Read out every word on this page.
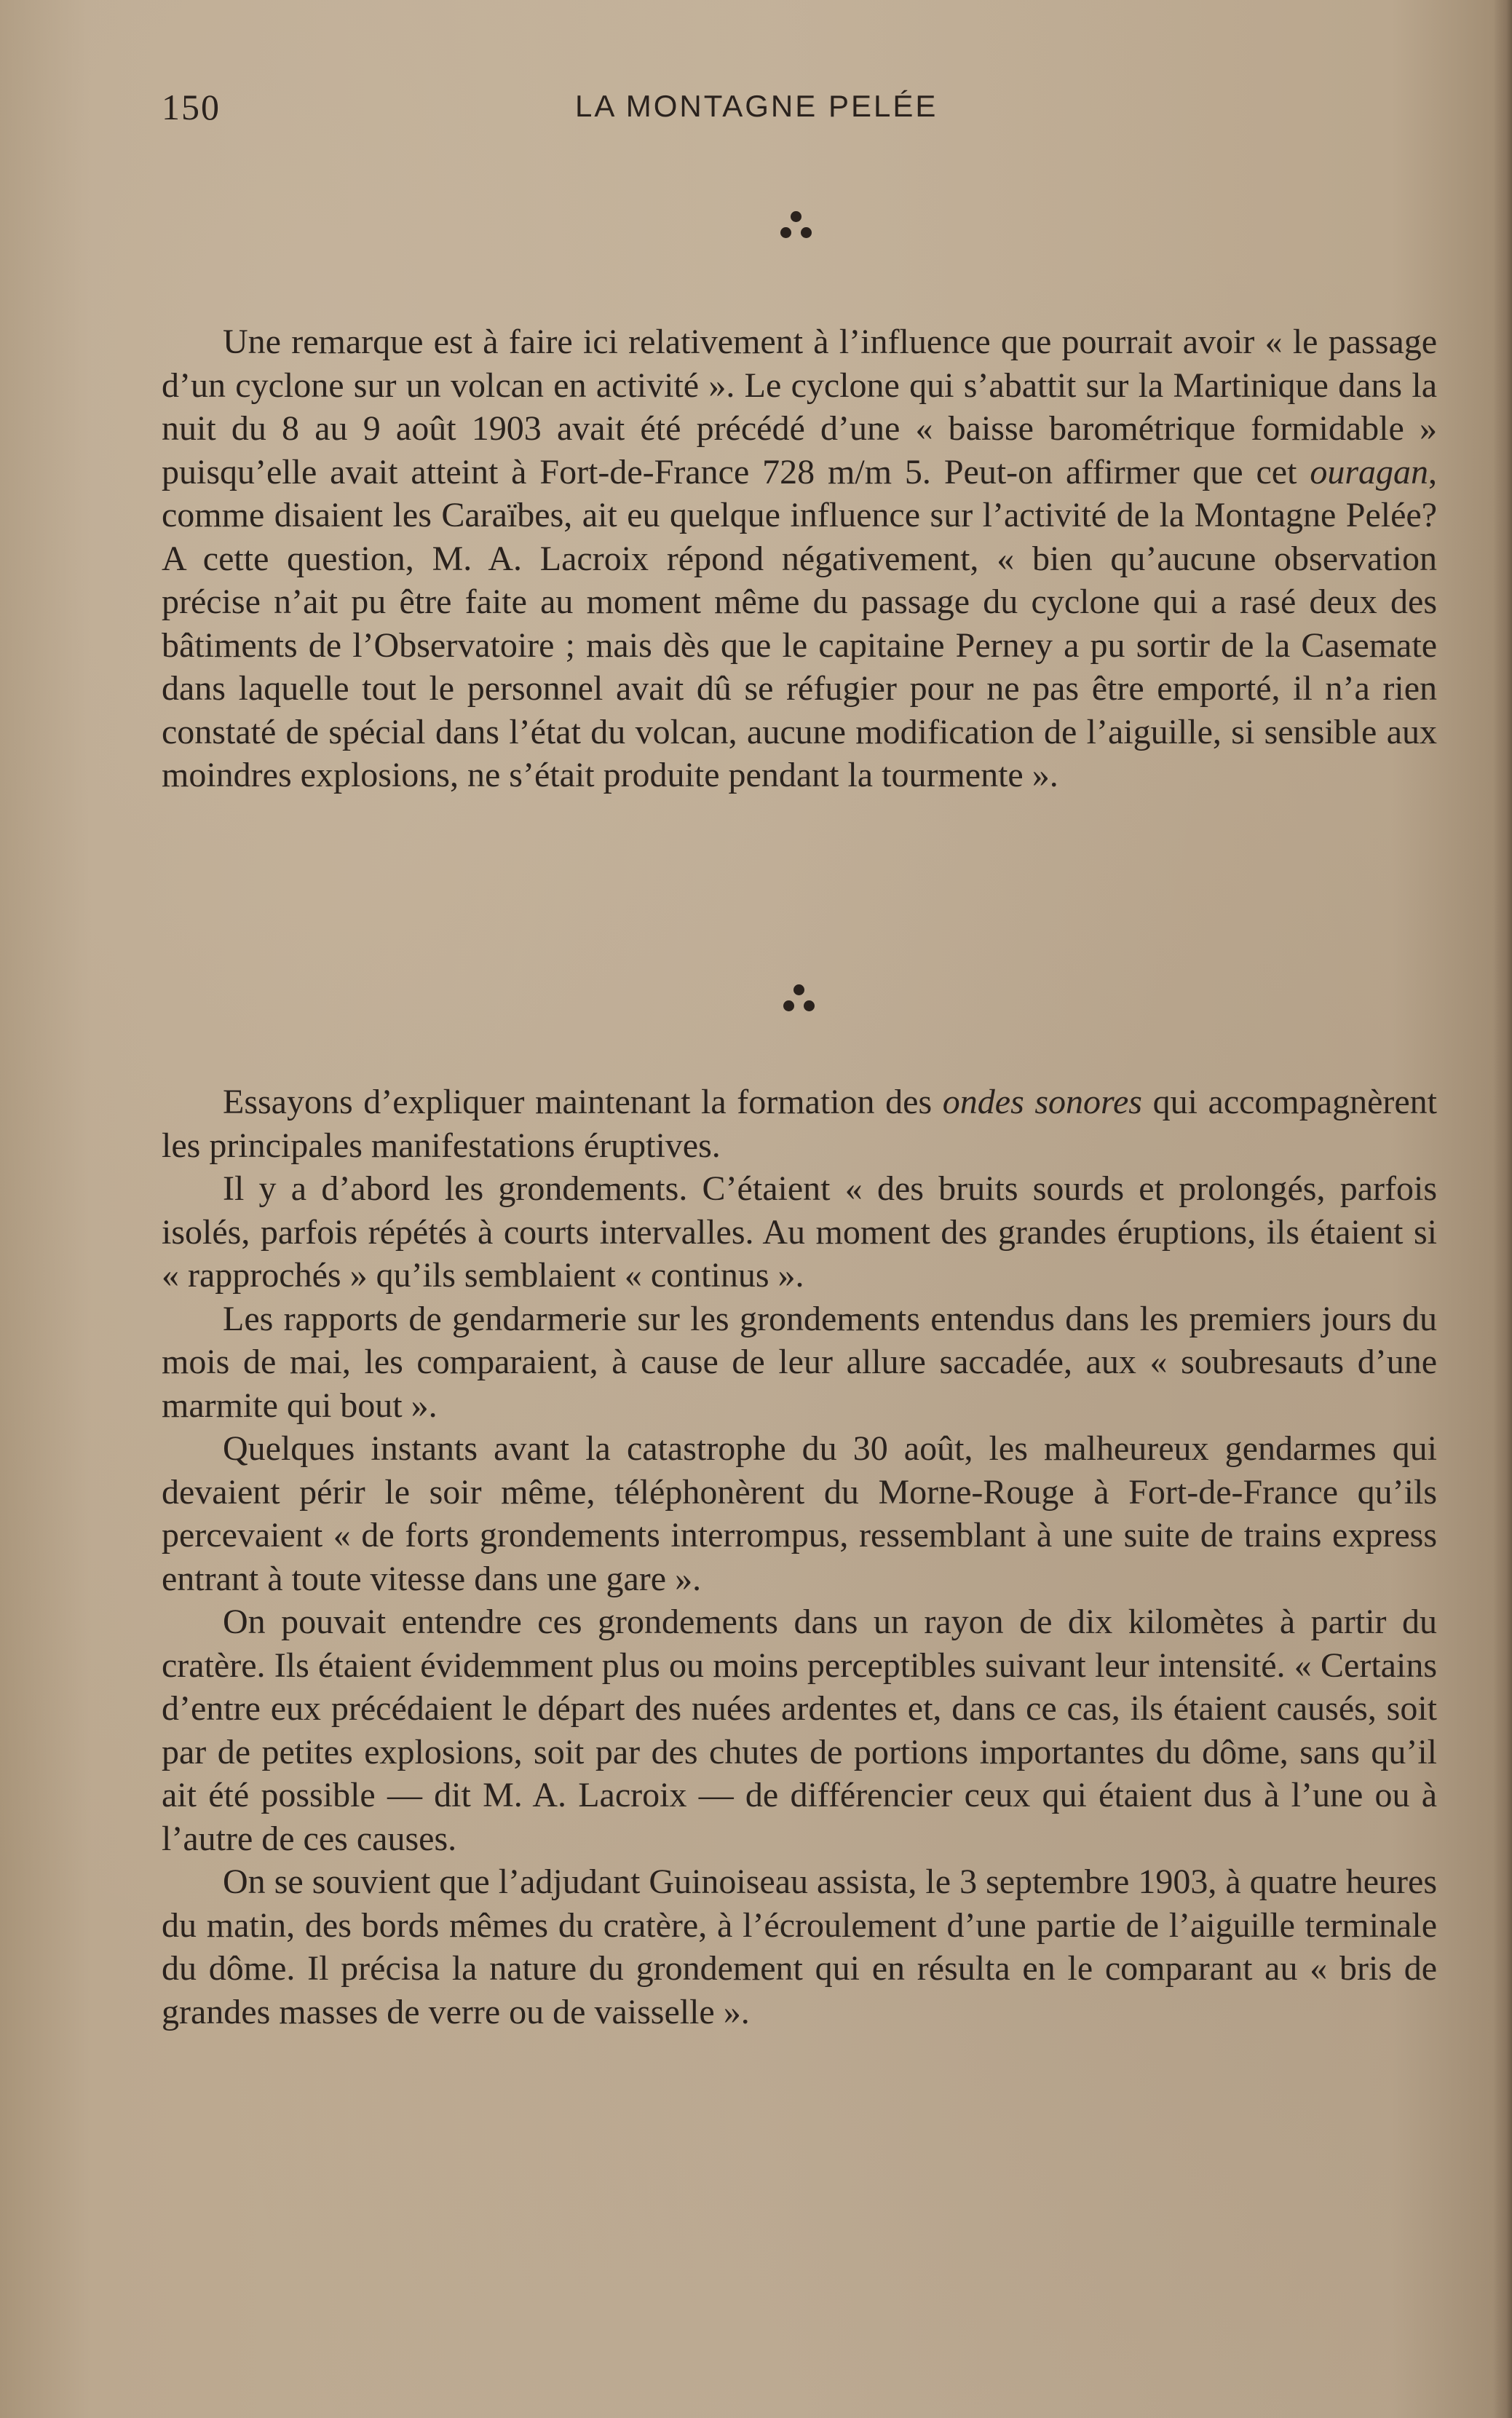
150	LA MONTAGNE PELÉE

Une remarque est à faire ici relativement à l’influence que pourrait avoir « le passage d’un cyclone sur un volcan en activité ». Le cyclone qui s’abattit sur la Martinique dans la nuit du 8 au 9 août 1903 avait été précédé d’une « baisse barométrique formidable » puisqu’elle avait atteint à Fort-de-France 728 m/m 5. Peut-on affirmer que cet ouragan, comme disaient les Caraïbes, ait eu quelque influence sur l’activité de la Montagne Pelée? A cette question, M. A. Lacroix répond négativement, « bien qu’aucune observation précise n’ait pu être faite au moment même du passage du cyclone qui a rasé deux des bâtiments de l’Observatoire ; mais dès que le capitaine Perney a pu sortir de la Casemate dans laquelle tout le personnel avait dû se réfugier pour ne pas être emporté, il n’a rien constaté de spécial dans l’état du volcan, aucune modification de l’aiguille, si sensible aux moindres explosions, ne s’était produite pendant la tourmente ».

Essayons d’expliquer maintenant la formation des ondes sonores qui accompagnèrent les principales manifestations éruptives.

Il y a d’abord les grondements. C’étaient « des bruits sourds et prolongés, parfois isolés, parfois répétés à courts intervalles. Au moment des grandes éruptions, ils étaient si « rapprochés » qu’ils semblaient « continus ».

Les rapports de gendarmerie sur les grondements entendus dans les premiers jours du mois de mai, les comparaient, à cause de leur allure saccadée, aux « soubresauts d’une marmite qui bout ».

Quelques instants avant la catastrophe du 30 août, les malheureux gendarmes qui devaient périr le soir même, téléphonèrent du Morne-Rouge à Fort-de-France qu’ils percevaient « de forts grondements interrompus, ressemblant à une suite de trains express entrant à toute vitesse dans une gare ».

On pouvait entendre ces grondements dans un rayon de dix kilomètes à partir du cratère. Ils étaient évidemment plus ou moins perceptibles suivant leur intensité. « Certains d’entre eux précédaient le départ des nuées ardentes et, dans ce cas, ils étaient causés, soit par de petites explosions, soit par des chutes de portions importantes du dôme, sans qu’il ait été possible — dit M. A. Lacroix — de différencier ceux qui étaient dus à l’une ou à l’autre de ces causes.

On se souvient que l’adjudant Guinoiseau assista, le 3 septembre 1903, à quatre heures du matin, des bords mêmes du cratère, à l’écroulement d’une partie de l’aiguille terminale du dôme. Il précisa la nature du grondement qui en résulta en le comparant au « bris de grandes masses de verre ou de vaisselle ».
